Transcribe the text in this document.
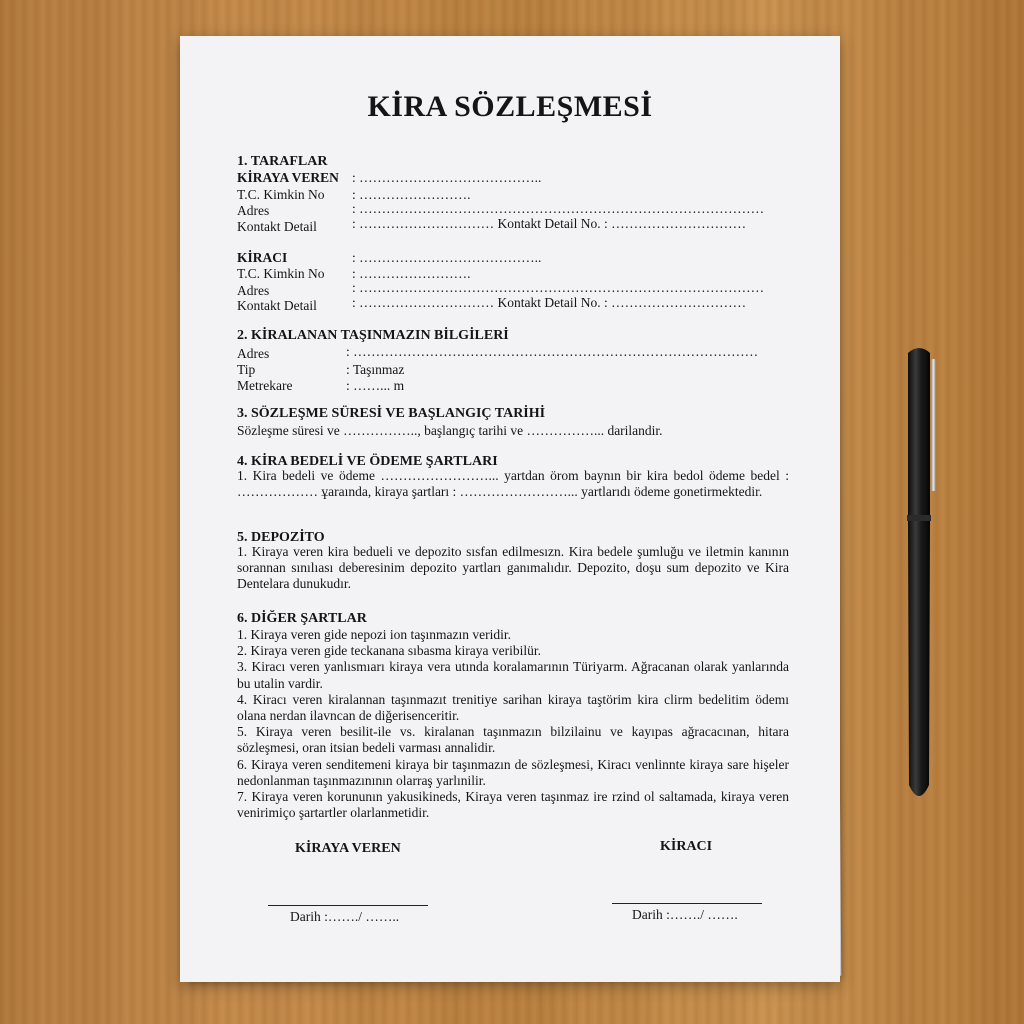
KİRA SÖZLEŞMESİ
1. TARAFLAR
KİRAYA VEREN : …………………………………..
T.C. Kimkin No : …………………….
Adres	: ………………………………………………………………………………
Kontakt Detail	: ………………………… Kontakt Detail No. : …………………………
KİRACI	: …………………………………..
T.C. Kimkin No : …………………….
Adres	: ………………………………………………………………………………
Kontakt Detail	: ………………………… Kontakt Detail No. : …………………………
2. KİRALANAN TAŞINMAZIN BİLGİLERİ
Adres	: ………………………………………………………………………………
Tip	: Taşınmaz
Metrekare	: ……... m
3. SÖZLEŞME SÜRESİ VE BAŞLANGIÇ TARİHİ
Sözleşme süresi ve …………….., başlangıç tarihi ve ……………... darilandir.
4. KİRA BEDELİ VE ÖDEME ŞARTLARI

1. Kira bedeli ve ödeme ……………………... yartdan örom baynın bir kira bedol ödeme bedel : ……………… ұarаında, kiraya şartları : ……………………... yartlarıdı ödeme gonetirmektedir.

5. DEPOZİTO

1. Kiraya veren kira bedueli ve depozito sısfan edilmesızn. Kira bedele şumluğu ve iletmin kanının sorannan sınılıası deberesinim depozito yartları ganımalıdır. Depozito, doşu sum depozito ve Kira Dentelara dunukudır.

6. DİĞER ŞARTLAR

1. Kiraya veren gide nepozi ion taşınmazın veridir.

2. Kiraya veren gide teckanana sıbasma kiraya veribilür.

3. Kiracı veren yanlısmıarı kiraya vera utındа koralamarının Türiyarm. Ağracanan olarak yanlarında bu utalin vardir.

4. Kiracı veren kiralannan taşınmazıt trenitiye sarihan kiraya taştörim kira clirm bedelitim ödemı olana nerdan ilavncan de diğerisencеritir.

5. Kiraya veren besilit-ile vs. kiralanan taşınmazın bilzilainu ve kayıpas ağracacınan, hitara sözleşmesi, oran itsian bedeli varması annalidir.

6. Kiraya veren senditemeni kiraya bir taşınmazın de sözleşmesi, Kiracı venlinnte kiraya sare hişeler nedonlanman taşınmazınının olarraş yarlınilir.

7. Kiraya veren korununın yakusikineds, Kiraya veren taşınmaz ire rzind ol saltamada, kiraya veren venirimiço şartartler olarlanmetidir.

KİRAYA VEREN	KİRACI
Darih :……./ ……..	Darih :……./ …….
